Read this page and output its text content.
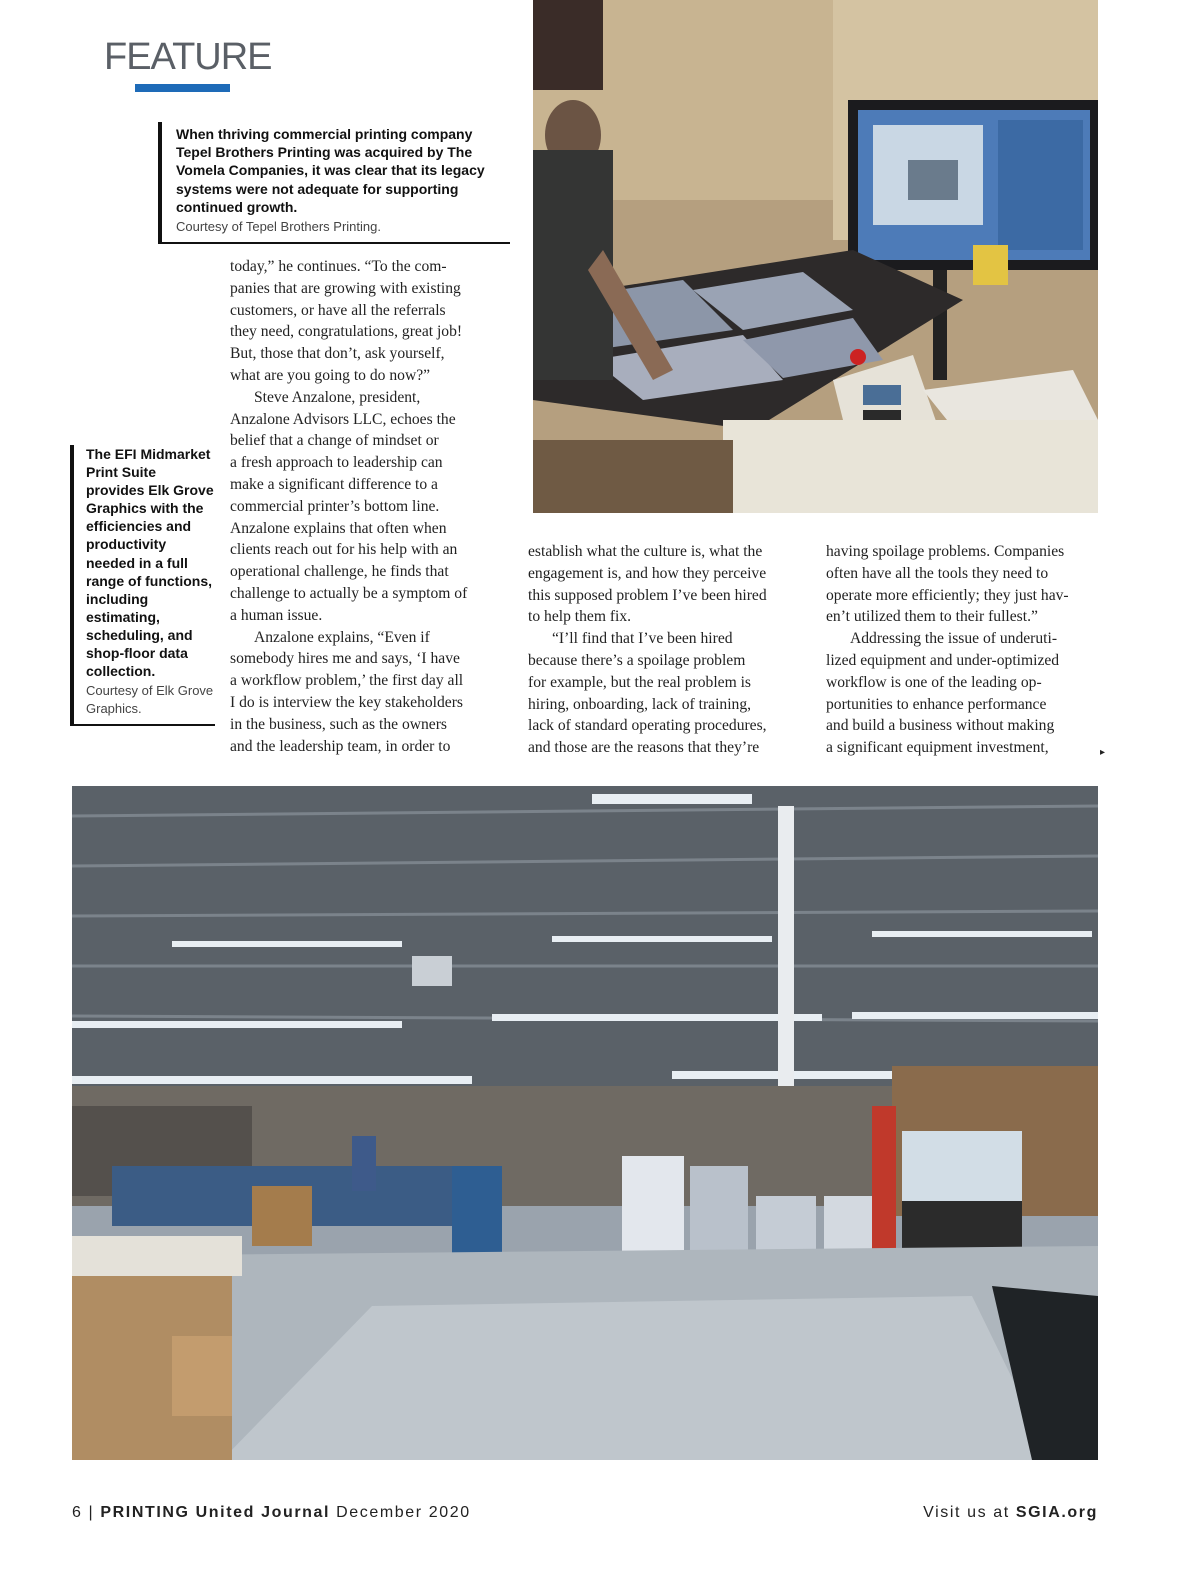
FEATURE
When thriving commercial printing company Tepel Brothers Printing was acquired by The Vomela Companies, it was clear that its legacy systems were not adequate for supporting continued growth.
Courtesy of Tepel Brothers Printing.
The EFI Midmarket Print Suite provides Elk Grove Graphics with the efficiencies and productivity needed in a full range of functions, including estimating, scheduling, and shop-floor data collection.
Courtesy of Elk Grove Graphics.
today,” he continues. “To the com-
panies that are growing with existing
customers, or have all the referrals
they need, congratulations, great job!
But, those that don’t, ask yourself,
what are you going to do now?”
Steve Anzalone, president,
Anzalone Advisors LLC, echoes the
belief that a change of mindset or
a fresh approach to leadership can
make a significant difference to a
commercial printer’s bottom line.
Anzalone explains that often when
clients reach out for his help with an
operational challenge, he finds that
challenge to actually be a symptom of
a human issue.
Anzalone explains, “Even if
somebody hires me and says, ‘I have
a workflow problem,’ the first day all
I do is interview the key stakeholders
in the business, such as the owners
and the leadership team, in order to
establish what the culture is, what the
engagement is, and how they perceive
this supposed problem I’ve been hired
to help them fix.
“I’ll find that I’ve been hired
because there’s a spoilage problem
for example, but the real problem is
hiring, onboarding, lack of training,
lack of standard operating procedures,
and those are the reasons that they’re
having spoilage problems. Companies
often have all the tools they need to
operate more efficiently; they just hav-
en’t utilized them to their fullest.”
Addressing the issue of underuti-
lized equipment and under-optimized
workflow is one of the leading op-
portunities to enhance performance
and build a business without making
a significant equipment investment,	▸
6 | PRINTING United Journal December 2020	Visit us at SGIA.org
